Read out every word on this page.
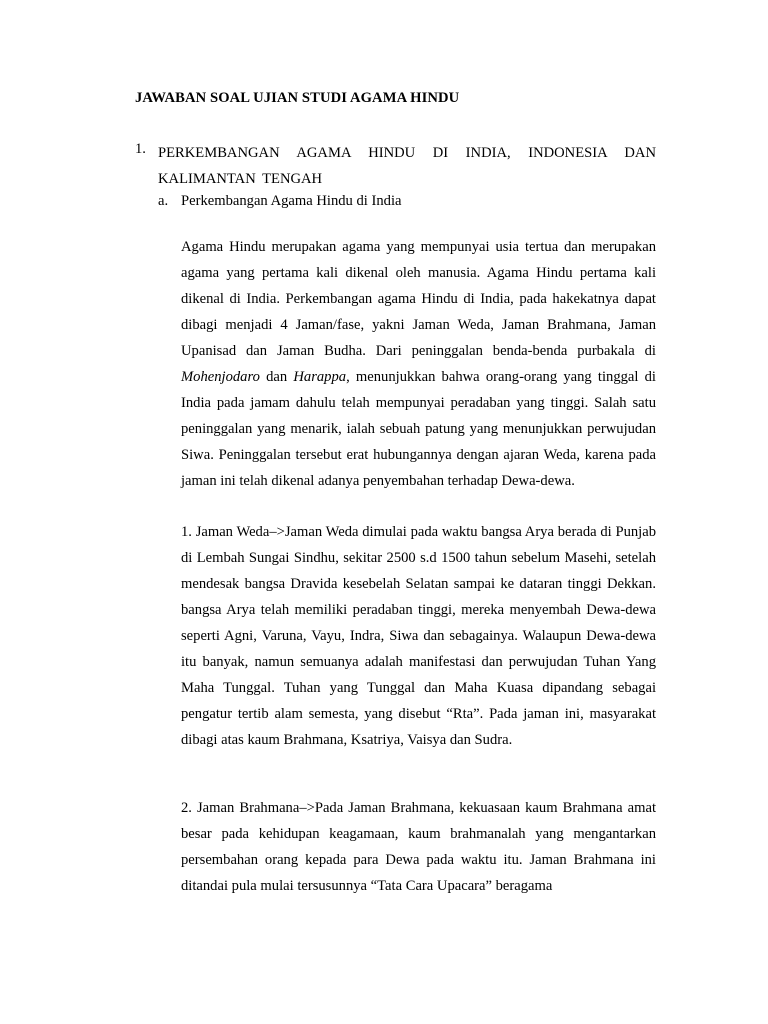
JAWABAN SOAL UJIAN STUDI AGAMA HINDU
1. PERKEMBANGAN AGAMA HINDU DI INDIA, INDONESIA DAN KALIMANTAN TENGAH
a. Perkembangan Agama Hindu di India

Agama Hindu merupakan agama yang mempunyai usia tertua dan merupakan agama yang pertama kali dikenal oleh manusia. Agama Hindu pertama kali dikenal di India. Perkembangan agama Hindu di India, pada hakekatnya dapat dibagi menjadi 4 Jaman/fase, yakni Jaman Weda, Jaman Brahmana, Jaman Upanisad dan Jaman Budha. Dari peninggalan benda-benda purbakala di Mohenjodaro dan Harappa, menunjukkan bahwa orang-orang yang tinggal di India pada jamam dahulu telah mempunyai peradaban yang tinggi. Salah satu peninggalan yang menarik, ialah sebuah patung yang menunjukkan perwujudan Siwa. Peninggalan tersebut erat hubungannya dengan ajaran Weda, karena pada jaman ini telah dikenal adanya penyembahan terhadap Dewa-dewa.

1. Jaman Weda–>Jaman Weda dimulai pada waktu bangsa Arya berada di Punjab di Lembah Sungai Sindhu, sekitar 2500 s.d 1500 tahun sebelum Masehi, setelah mendesak bangsa Dravida kesebelah Selatan sampai ke dataran tinggi Dekkan. bangsa Arya telah memiliki peradaban tinggi, mereka menyembah Dewa-dewa seperti Agni, Varuna, Vayu, Indra, Siwa dan sebagainya. Walaupun Dewa-dewa itu banyak, namun semuanya adalah manifestasi dan perwujudan Tuhan Yang Maha Tunggal. Tuhan yang Tunggal dan Maha Kuasa dipandang sebagai pengatur tertib alam semesta, yang disebut “Rta”. Pada jaman ini, masyarakat dibagi atas kaum Brahmana, Ksatriya, Vaisya dan Sudra.

2. Jaman Brahmana–>Pada Jaman Brahmana, kekuasaan kaum Brahmana amat besar pada kehidupan keagamaan, kaum brahmanalah yang mengantarkan persembahan orang kepada para Dewa pada waktu itu. Jaman Brahmana ini ditandai pula mulai tersusunnya “Tata Cara Upacara” beragama
